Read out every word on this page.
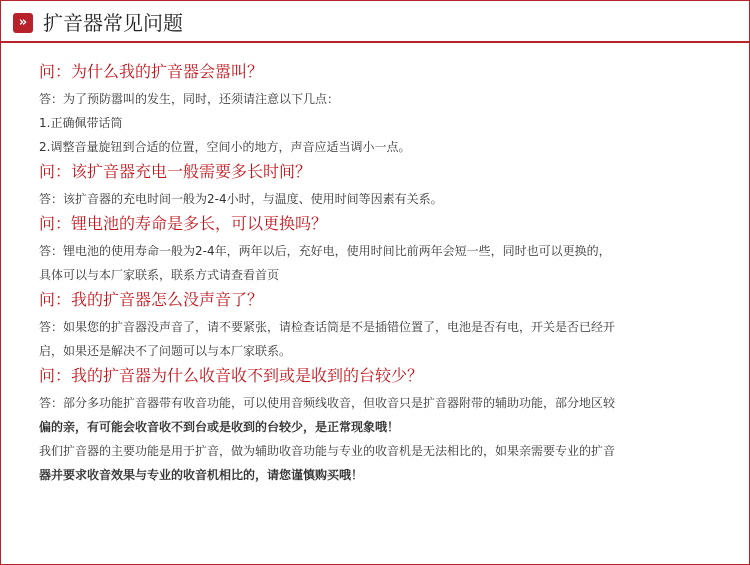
» 扩音器常见问题
问：为什么我的扩音器会嚣叫？

答：为了预防嚣叫的发生，同时，还须请注意以下几点：

1.正确佩带话筒

2.调整音量旋钮到合适的位置，空间小的地方，声音应适当调小一点。

问：该扩音器充电一般需要多长时间？

答：该扩音器的充电时间一般为2-4小时，与温度、使用时间等因素有关系。

问：锂电池的寿命是多长，可以更换吗？

答：锂电池的使用寿命一般为2-4年，两年以后，充好电，使用时间比前两年会短一些，同时也可以更换的，

具体可以与本厂家联系，联系方式请查看首页

问：我的扩音器怎么没声音了？

答：如果您的扩音器没声音了，请不要紧张，请检查话筒是不是插错位置了，电池是否有电，开关是否已经开

启，如果还是解决不了问题可以与本厂家联系。

问：我的扩音器为什么收音收不到或是收到的台较少？

答：部分多功能扩音器带有收音功能，可以使用音频线收音，但收音只是扩音器附带的辅助功能，部分地区较

偏的亲，有可能会收音收不到台或是收到的台较少，是正常现象哦！

我们扩音器的主要功能是用于扩音，做为辅助收音功能与专业的收音机是无法相比的，如果亲需要专业的扩音

器并要求收音效果与专业的收音机相比的，请您谨慎购买哦！
